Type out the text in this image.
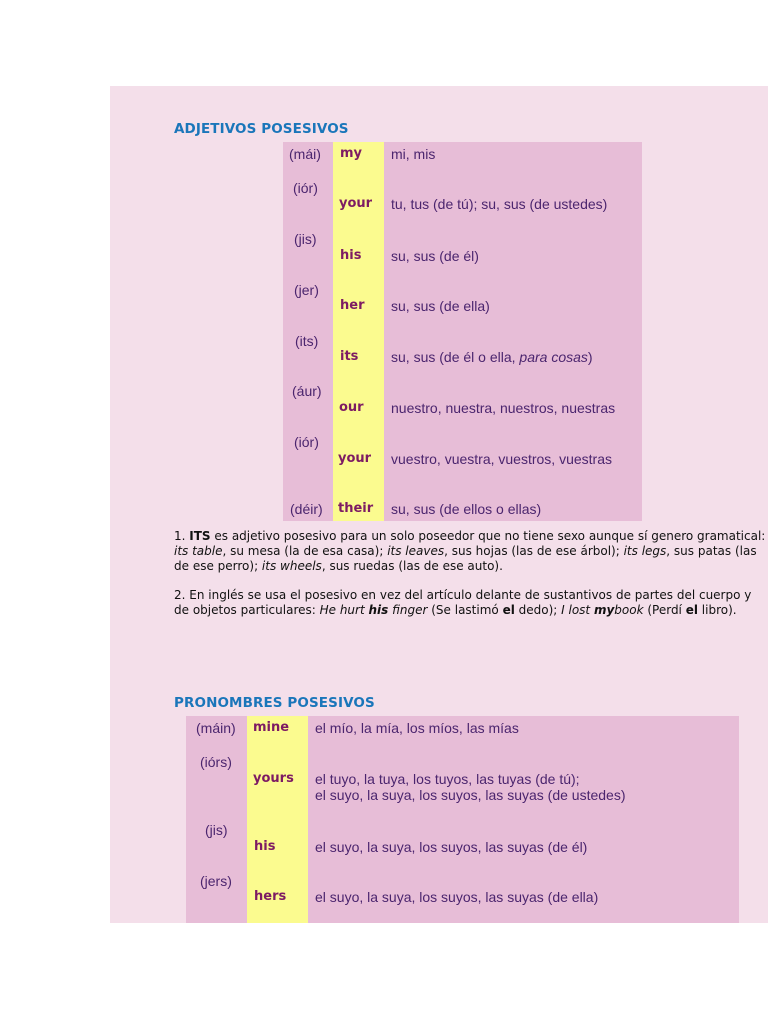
ADJETIVOS POSESIVOS
(mái) my mi, mis
(iór)
your tu, tus (de tú); su, sus (de ustedes)
(jis)
his su, sus (de él)
(jer)
her su, sus (de ella)
(its)
its su, sus (de él o ella, para cosas)
(áur)
our nuestro, nuestra, nuestros, nuestras
(iór)
your vuestro, vuestra, vuestros, vuestras
(déir) their su, sus (de ellos o ellas)

1. ITS es adjetivo posesivo para un solo poseedor que no tiene sexo aunque sí genero gramatical: its table, su mesa (la de esa casa); its leaves, sus hojas (las de ese árbol); its legs, sus patas (las de ese perro); its wheels, sus ruedas (las de ese auto).

2. En inglés se usa el posesivo en vez del artículo delante de sustantivos de partes del cuerpo y de objetos particulares: He hurt his finger (Se lastimó el dedo); I lost mybook (Perdí el libro).

PRONOMBRES POSESIVOS
(máin) mine el mío, la mía, los míos, las mías
(iórs)
yours el tuyo, la tuya, los tuyos, las tuyas (de tú);
el suyo, la suya, los suyos, las suyas (de ustedes)
(jis)
his	el suyo, la suya, los suyos, las suyas (de él)
(jers)
hers el suyo, la suya, los suyos, las suyas (de ella)
